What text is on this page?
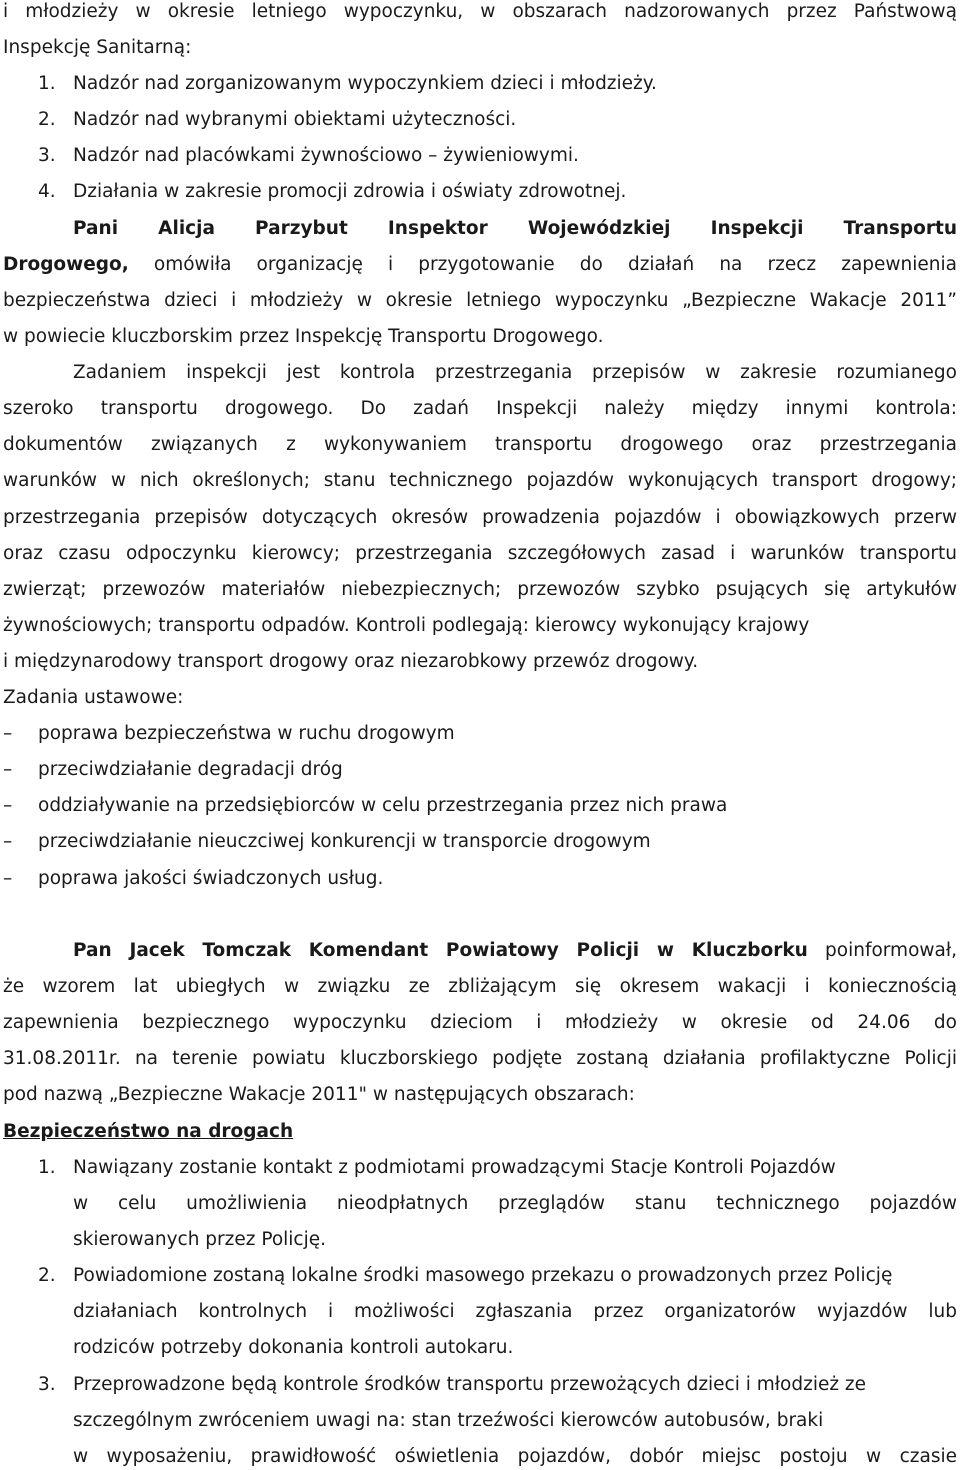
i młodzieży w okresie letniego wypoczynku, w obszarach nadzorowanych przez Państwową
Inspekcję Sanitarną:
1. Nadzór nad zorganizowanym wypoczynkiem dzieci i młodzieży.
2. Nadzór nad wybranymi obiektami użyteczności.
3. Nadzór nad placówkami żywnościowo – żywieniowymi.
4. Działania w zakresie promocji zdrowia i oświaty zdrowotnej.
Pani Alicja Parzybut Inspektor Wojewódzkiej Inspekcji Transportu
Drogowego, omówiła organizację i przygotowanie do działań na rzecz zapewnienia
bezpieczeństwa dzieci i młodzieży w okresie letniego wypoczynku „Bezpieczne Wakacje 2011”
w powiecie kluczborskim przez Inspekcję Transportu Drogowego.
Zadaniem inspekcji jest kontrola przestrzegania przepisów w zakresie rozumianego
szeroko transportu drogowego. Do zadań Inspekcji należy między innymi kontrola:
dokumentów związanych z wykonywaniem transportu drogowego oraz przestrzegania
warunków w nich określonych; stanu technicznego pojazdów wykonujących transport drogowy;
przestrzegania przepisów dotyczących okresów prowadzenia pojazdów i obowiązkowych przerw
oraz czasu odpoczynku kierowcy; przestrzegania szczegółowych zasad i warunków transportu
zwierząt; przewozów materiałów niebezpiecznych; przewozów szybko psujących się artykułów
żywnościowych; transportu odpadów. Kontroli podlegają: kierowcy wykonujący krajowy
i międzynarodowy transport drogowy oraz niezarobkowy przewóz drogowy.
Zadania ustawowe:
– poprawa bezpieczeństwa w ruchu drogowym
– przeciwdziałanie degradacji dróg
– oddziaływanie na przedsiębiorców w celu przestrzegania przez nich prawa
– przeciwdziałanie nieuczciwej konkurencji w transporcie drogowym
– poprawa jakości świadczonych usług.
Pan Jacek Tomczak Komendant Powiatowy Policji w Kluczborku poinformował,
że wzorem lat ubiegłych w związku ze zbliżającym się okresem wakacji i koniecznością
zapewnienia bezpiecznego wypoczynku dzieciom i młodzieży w okresie od 24.06 do
31.08.2011r. na terenie powiatu kluczborskiego podjęte zostaną działania profilaktyczne Policji
pod nazwą „Bezpieczne Wakacje 2011" w następujących obszarach:
Bezpieczeństwo na drogach
1. Nawiązany zostanie kontakt z podmiotami prowadzącymi Stacje Kontroli Pojazdów
w celu umożliwienia nieodpłatnych przeglądów stanu technicznego pojazdów
skierowanych przez Policję.
2. Powiadomione zostaną lokalne środki masowego przekazu o prowadzonych przez Policję
działaniach kontrolnych i możliwości zgłaszania przez organizatorów wyjazdów lub
rodziców potrzeby dokonania kontroli autokaru.
3. Przeprowadzone będą kontrole środków transportu przewożących dzieci i młodzież ze
szczególnym zwróceniem uwagi na: stan trzeźwości kierowców autobusów, braki
w wyposażeniu, prawidłowość oświetlenia pojazdów, dobór miejsc postoju w czasie
